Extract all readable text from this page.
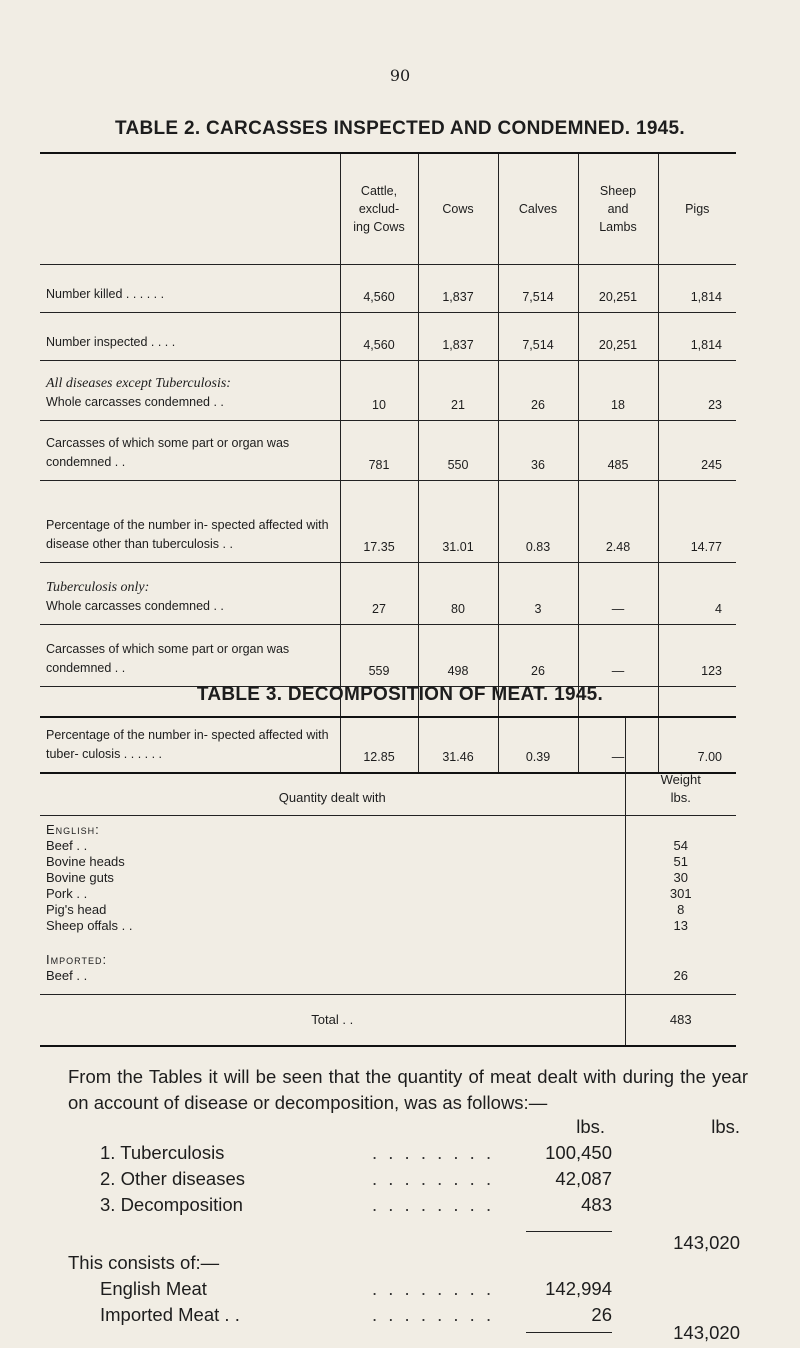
90
TABLE 2. CARCASSES INSPECTED AND CONDEMNED. 1945.
	Cattle,
exclud-
ing Cows	Cows	Calves	Sheep
and
Lambs	Pigs
Number killed . . . . . .	4,560	1,837	7,514	20,251	1,814
Number inspected . . . .	4,560	1,837	7,514	20,251	1,814
All diseases except Tuberculosis:
Whole carcasses condemned . .	10	21	26	18	23
Carcasses of which some part or organ was condemned . .	781	550	36	485	245
Percentage of the number in- spected affected with disease other than tuberculosis . .	17.35	31.01	0.83	2.48	14.77
Tuberculosis only:
Whole carcasses condemned . .	27	80	3	—	4
Carcasses of which some part or organ was condemned . .	559	498	26	—	123
Percentage of the number in- spected affected with tuber- culosis . . . . . .	12.85	31.46	0.39	—	7.00
TABLE 3. DECOMPOSITION OF MEAT. 1945.
Quantity dealt with	Weight
lbs.
English:	
Beef . .	54
Bovine heads	51
Bovine guts	30
Pork . .	301
Pig's head	8
Sheep offals . .	13

Imported:	
Beef . .	26
Total . .	483
From the Tables it will be seen that the quantity of meat dealt with during the year on account of disease or decomposition, was as follows:—
lbs.	lbs.
1. Tuberculosis	. . . . . . . .	100,450
2. Other diseases	. . . . . . . .	42,087
3. Decomposition	. . . . . . . .	483
143,020
This consists of:—
English Meat	. . . . . . . .	142,994
Imported Meat . .	. . . . . . . .	26
143,020
